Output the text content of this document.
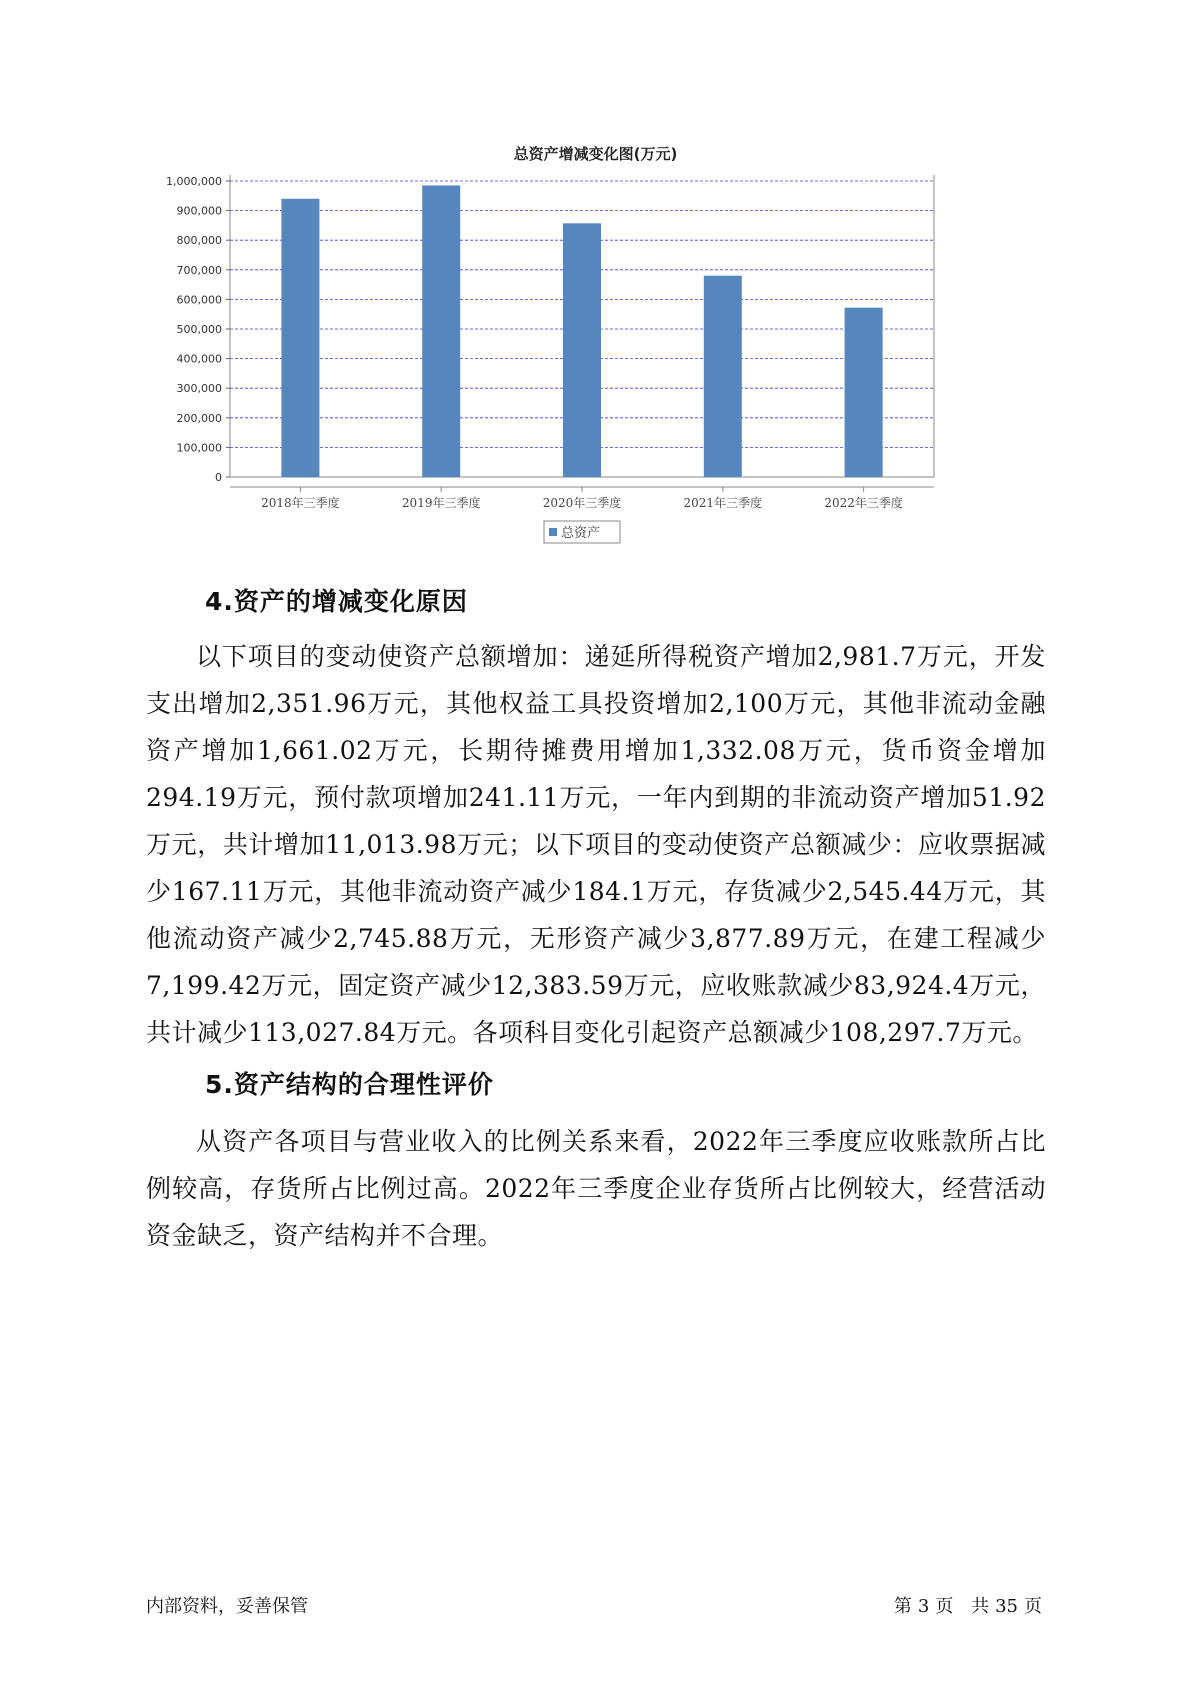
总资产增减变化图(万元)
0
100,000
200,000
300,000
400,000
500,000
600,000
700,000
800,000
900,000
1,000,000
2018年三季度	2019年三季度	2020年三季度	2021年三季度	2022年三季度
总资产
4.资产的增减变化原因

以下项目的变动使资产总额增加：递延所得税资产增加2,981.7万元，开发支出增加2,351.96万元，其他权益工具投资增加2,100万元，其他非流动金融资产增加1,661.02万元，长期待摊费用增加1,332.08万元，货币资金增加294.19万元，预付款项增加241.11万元，一年内到期的非流动资产增加51.92万元，共计增加11,013.98万元；以下项目的变动使资产总额减少：应收票据减少167.11万元，其他非流动资产减少184.1万元，存货减少2,545.44万元，其他流动资产减少2,745.88万元，无形资产减少3,877.89万元，在建工程减少7,199.42万元，固定资产减少12,383.59万元，应收账款减少83,924.4万元，共计减少113,027.84万元。各项科目变化引起资产总额减少108,297.7万元。

5.资产结构的合理性评价

从资产各项目与营业收入的比例关系来看，2022年三季度应收账款所占比例较高，存货所占比例过高。2022年三季度企业存货所占比例较大，经营活动资金缺乏，资产结构并不合理。

内部资料，妥善保管	第 3 页 共 35 页
